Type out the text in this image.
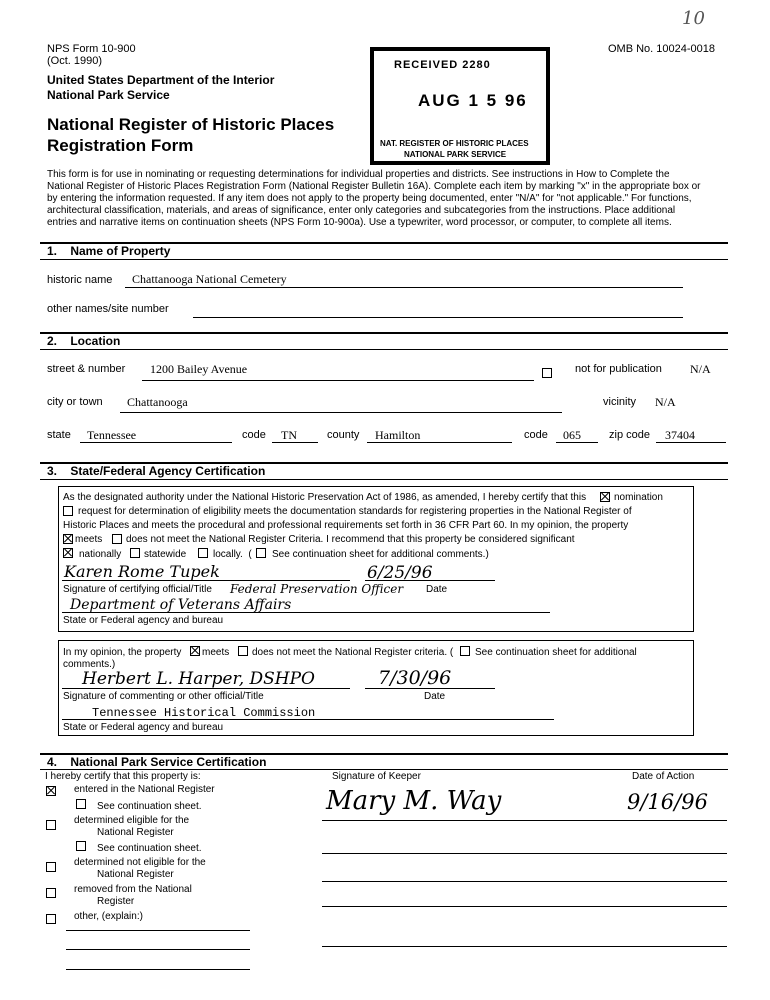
10
NPS Form 10-900
(Oct. 1990)
OMB No. 10024-0018
United States Department of the Interior
National Park Service
National Register of Historic Places
Registration Form
RECEIVED 2280
AUG 1 5 96
NAT. REGISTER OF HISTORIC PLACES
NATIONAL PARK SERVICE
This form is for use in nominating or requesting determinations for individual properties and districts. See instructions in How to Complete the
National Register of Historic Places Registration Form (National Register Bulletin 16A). Complete each item by marking "x" in the appropriate box or
by entering the information requested. If any item does not apply to the property being documented, enter "N/A" for "not applicable." For functions,
architectural classification, materials, and areas of significance, enter only categories and subcategories from the instructions. Place additional
entries and narrative items on continuation sheets (NPS Form 10-900a). Use a typewriter, word processor, or computer, to complete all items.
1.    Name of Property
historic name Chattanooga National Cemetery
other names/site number
2.    Location
street & number 1200 Bailey Avenue	not for publication N/A
city or town Chattanooga	vicinity N/A
state Tennessee	code TN	county Hamilton	code 065	zip code 37404
3.    State/Federal Agency Certification
As the designated authority under the National Historic Preservation Act of 1986, as amended, I hereby certify that this	nomination
request for determination of eligibility meets the documentation standards for registering properties in the National Register of
Historic Places and meets the procedural and professional requirements set forth in 36 CFR Part 60. In my opinion, the property
meets does not meet the National Register Criteria. I recommend that this property be considered significant
nationally statewide	locally.  ( See continuation sheet for additional comments.)
Karen Rome Tupek	6/25/96
Signature of certifying official/Title Federal Preservation Officer Date
Department of Veterans Affairs
State or Federal agency and bureau
In my opinion, the property meets does not meet the National Register criteria. ( See continuation sheet for additional
comments.)
Herbert L. Harper, DSHPO	7/30/96
Signature of commenting or other official/Title	Date
Tennessee Historical Commission
State or Federal agency and bureau
4.    National Park Service Certification
I hereby certify that this property is:	Signature of Keeper	Date of Action
entered in the National Register
See continuation sheet.
determined eligible for the
National Register
See continuation sheet.
determined not eligible for the
National Register
removed from the National
Register
other, (explain:)
Mary M. Way	9/16/96
